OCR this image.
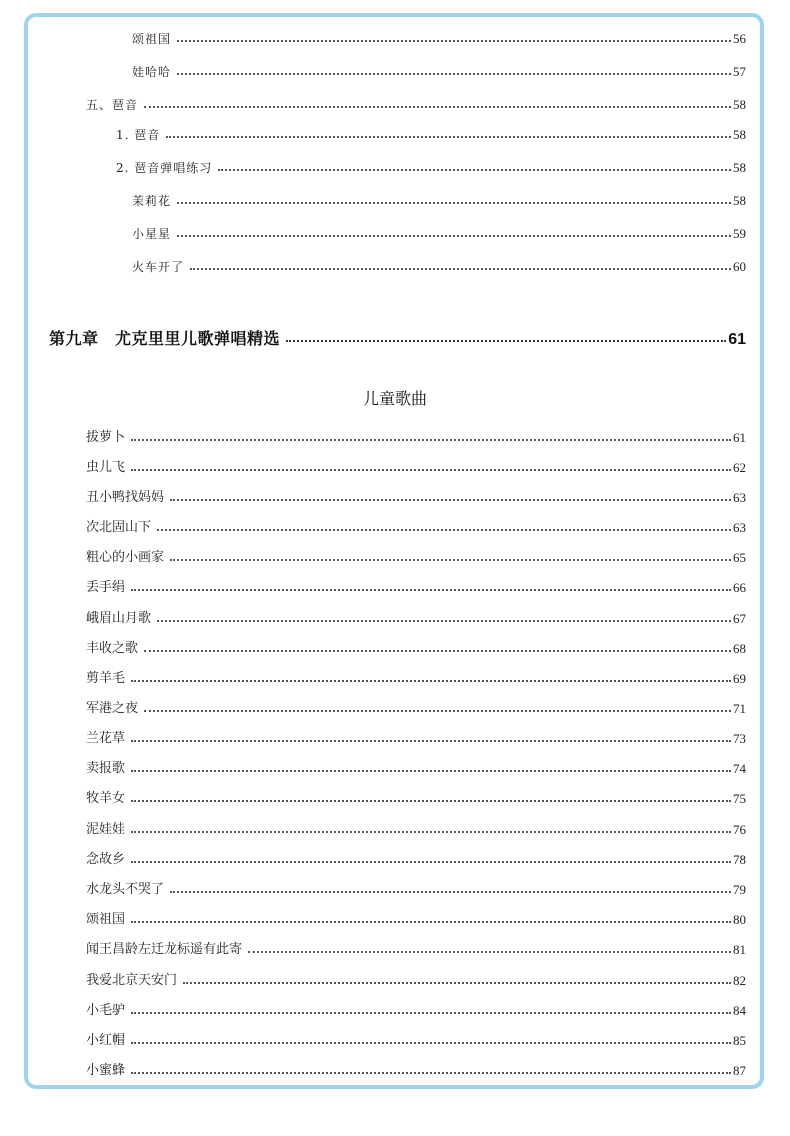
颂祖国	56
娃哈哈	57
五、琶音	58
1. 琶音	58
2. 琶音弹唱练习	58
茉莉花	58
小星星	59
火车开了	60
第九章　尤克里里儿歌弹唱精选	61
儿童歌曲
拔萝卜	61
虫儿飞	62
丑小鸭找妈妈	63
次北固山下	63
粗心的小画家	65
丢手绢	66
峨眉山月歌	67
丰收之歌	68
剪羊毛	69
军港之夜	71
兰花草	73
卖报歌	74
牧羊女	75
泥娃娃	76
念故乡	78
水龙头不哭了	79
颂祖国	80
闻王昌龄左迁龙标遥有此寄	81
我爱北京天安门	82
小毛驴	84
小红帽	85
小蜜蜂	87
